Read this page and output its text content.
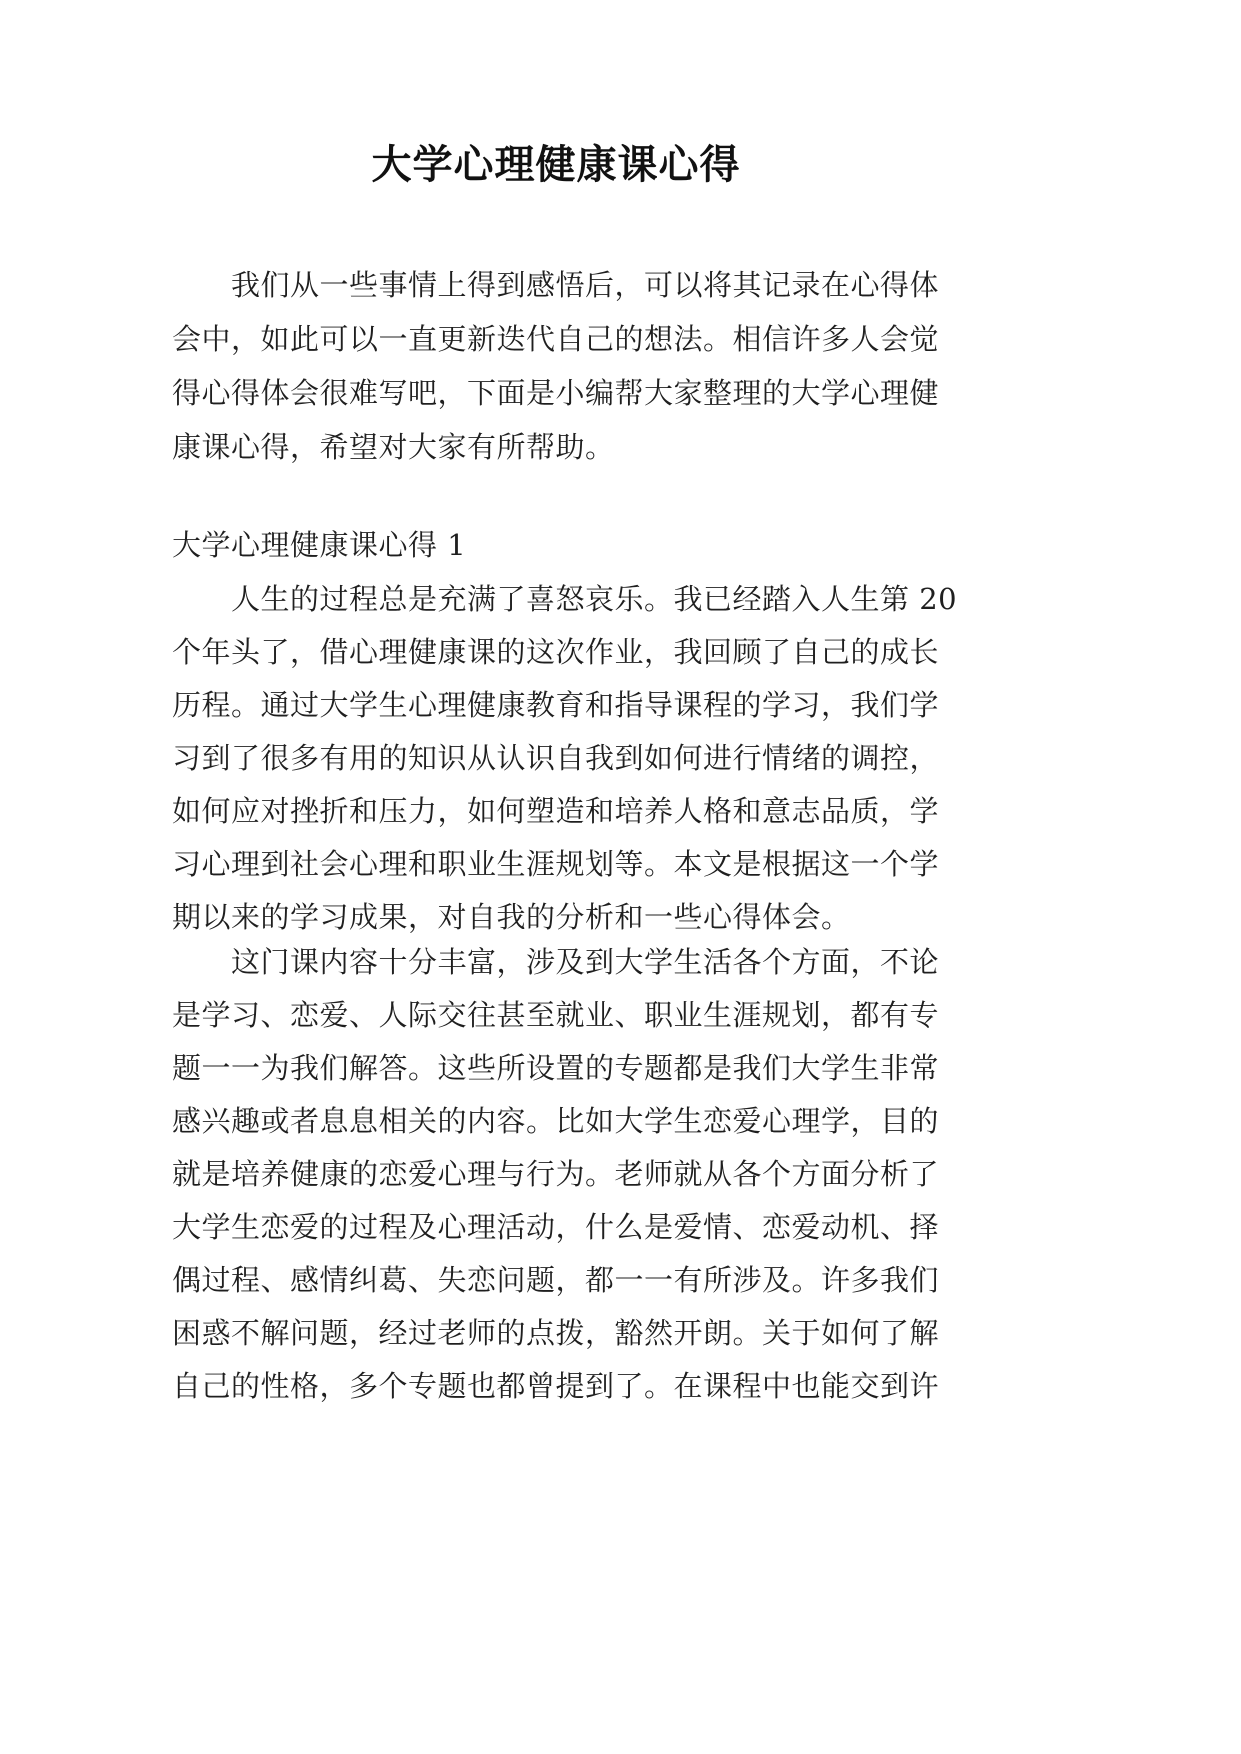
大学心理健康课心得
我们从一些事情上得到感悟后，可以将其记录在心得体
会中，如此可以一直更新迭代自己的想法。相信许多人会觉
得心得体会很难写吧，下面是小编帮大家整理的大学心理健
康课心得，希望对大家有所帮助。
大学心理健康课心得 1
人生的过程总是充满了喜怒哀乐。我已经踏入人生第 20
个年头了，借心理健康课的这次作业，我回顾了自己的成长
历程。通过大学生心理健康教育和指导课程的学习，我们学
习到了很多有用的知识从认识自我到如何进行情绪的调控，
如何应对挫折和压力，如何塑造和培养人格和意志品质，学
习心理到社会心理和职业生涯规划等。本文是根据这一个学
期以来的学习成果，对自我的分析和一些心得体会。
这门课内容十分丰富，涉及到大学生活各个方面，不论
是学习、恋爱、人际交往甚至就业、职业生涯规划，都有专
题一一为我们解答。这些所设置的专题都是我们大学生非常
感兴趣或者息息相关的内容。比如大学生恋爱心理学，目的
就是培养健康的恋爱心理与行为。老师就从各个方面分析了
大学生恋爱的过程及心理活动，什么是爱情、恋爱动机、择
偶过程、感情纠葛、失恋问题，都一一有所涉及。许多我们
困惑不解问题，经过老师的点拨，豁然开朗。关于如何了解
自己的性格，多个专题也都曾提到了。在课程中也能交到许
